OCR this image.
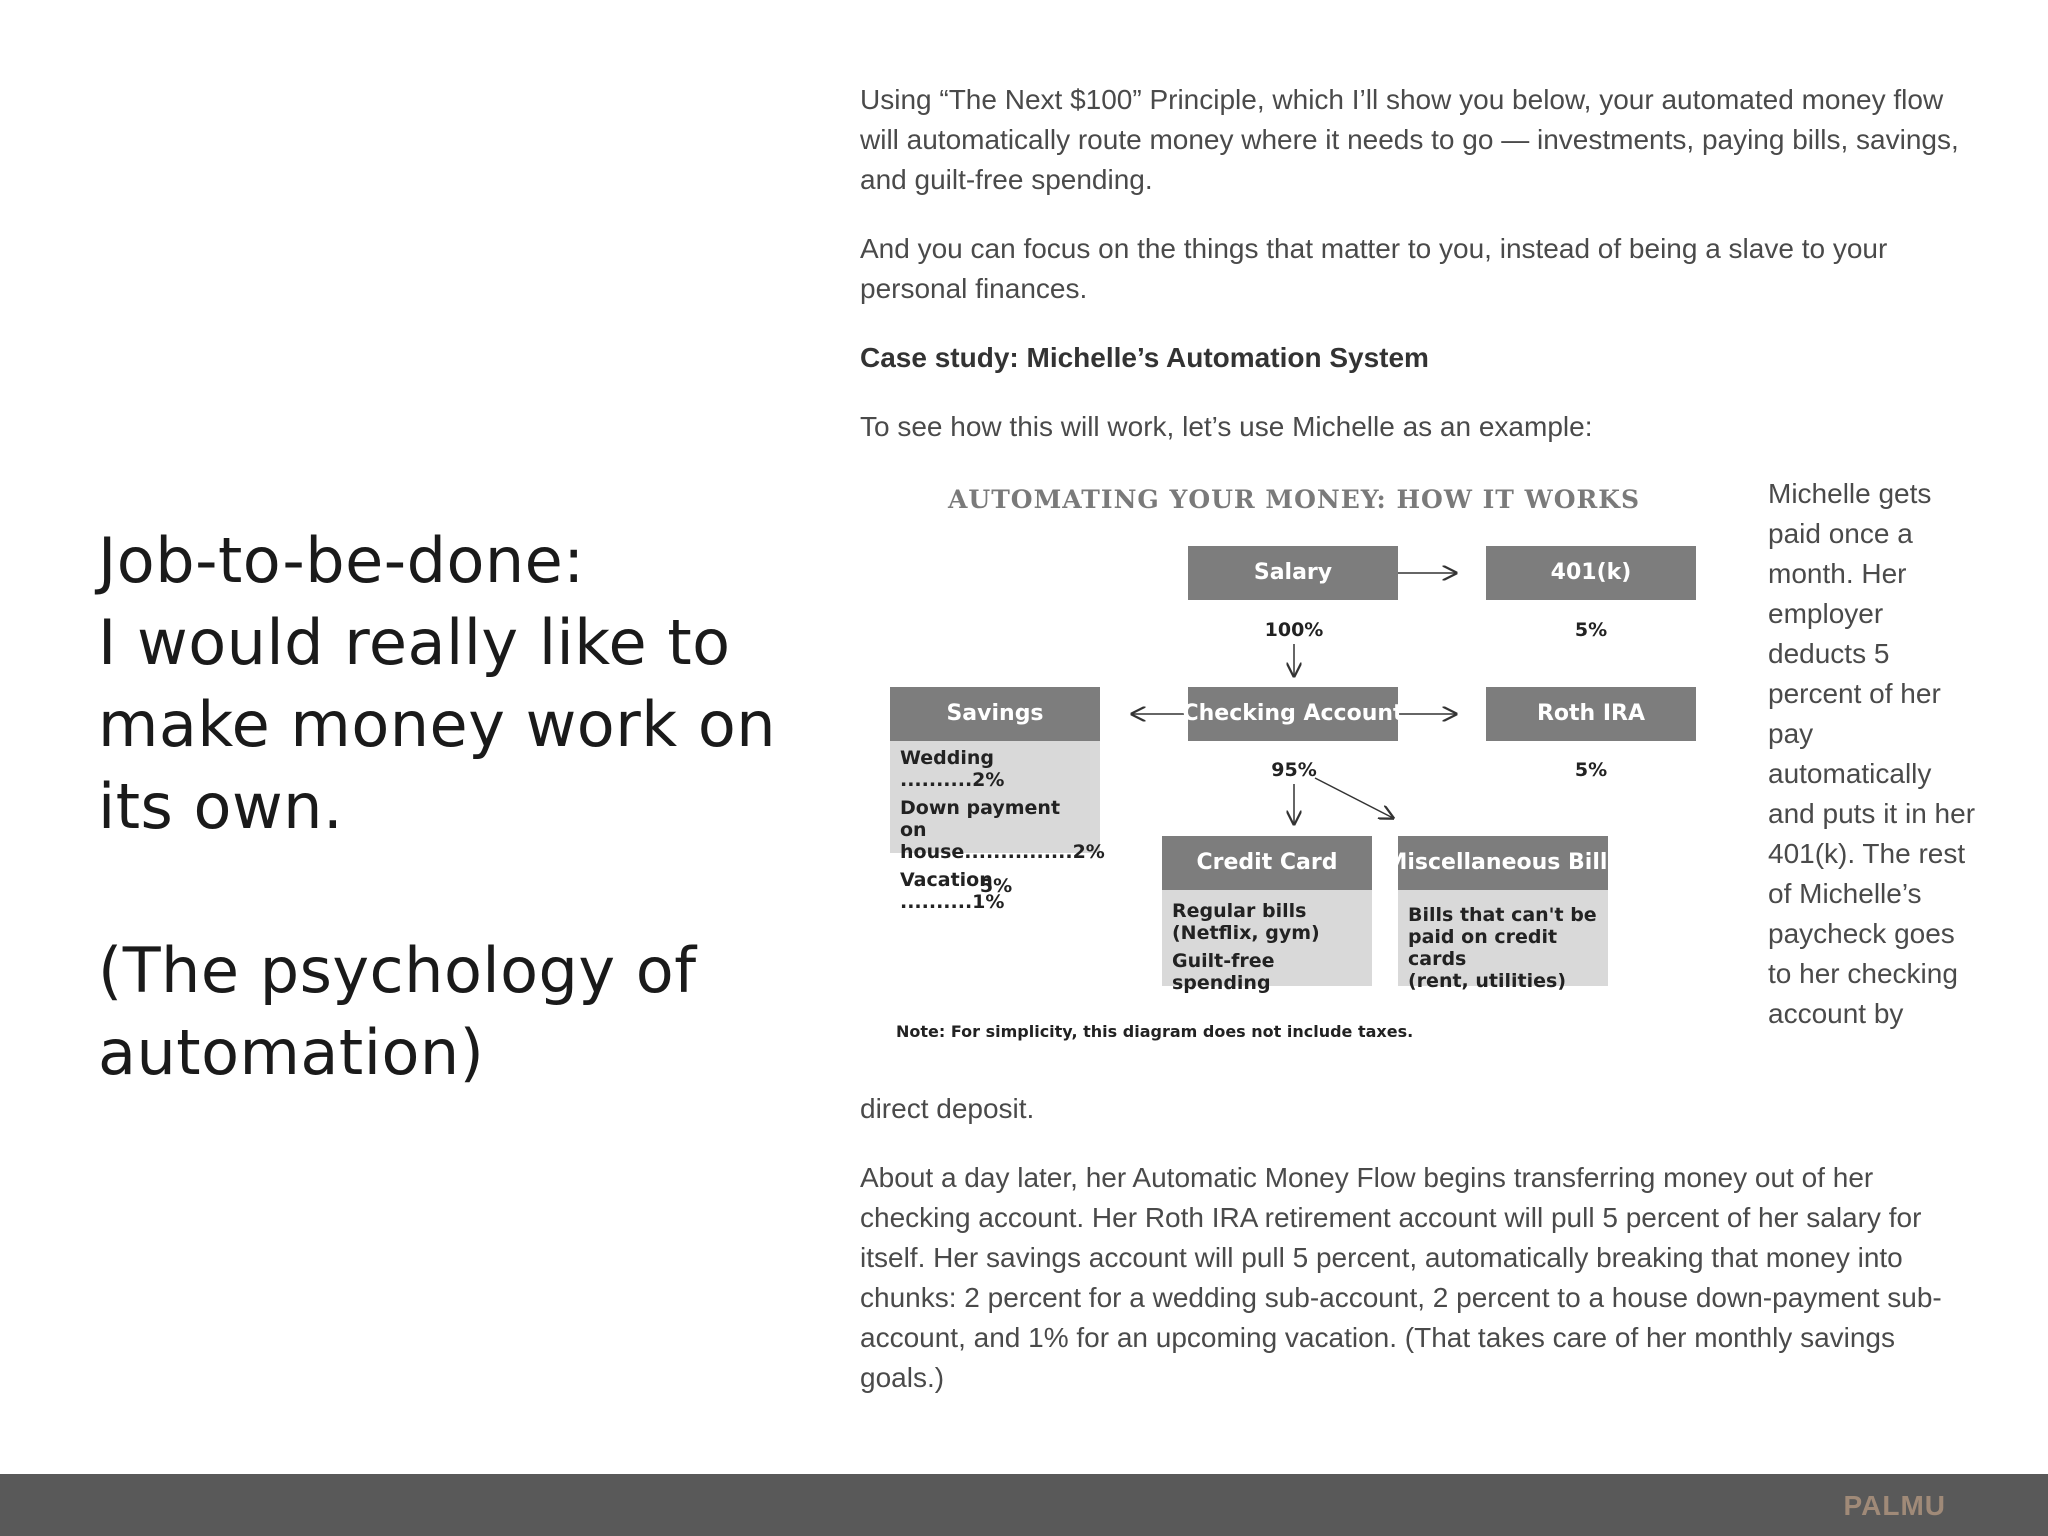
Job-to-be-done:
I would really like to
make money work on
its own.
(The psychology of
automation)

Using “The Next $100” Principle, which I’ll show you below, your automated money flow will automatically route money where it needs to go — investments, paying bills, savings, and guilt-free spending.

And you can focus on the things that matter to you, instead of being a slave to your personal finances.

Case study: Michelle’s Automation System

To see how this will work, let’s use Michelle as an example:

AUTOMATING YOUR MONEY: HOW IT WORKS
Salary
100%
401(k)
5%
Checking Account
95%
Roth IRA
5%
Savings
Wedding ..........2%
Down payment on
house...............2%
Vacation ..........1%
5%
Credit Card
Regular bills
(Netflix, gym)
Guilt-free spending
Miscellaneous Bills
Bills that can't be
paid on credit cards
(rent, utilities)
Note: For simplicity, this diagram does not include taxes.
Michelle gets paid once a month. Her employer deducts 5 percent of her pay automatically and puts it in her 401(k). The rest of Michelle’s paycheck goes to her checking account by

direct deposit.

About a day later, her Automatic Money Flow begins transferring money out of her checking account. Her Roth IRA retirement account will pull 5 percent of her salary for itself. Her savings account will pull 5 percent, automatically breaking that money into chunks: 2 percent for a wedding sub-account, 2 percent to a house down-payment sub-account, and 1% for an upcoming vacation. (That takes care of her monthly savings goals.)

PALMU
